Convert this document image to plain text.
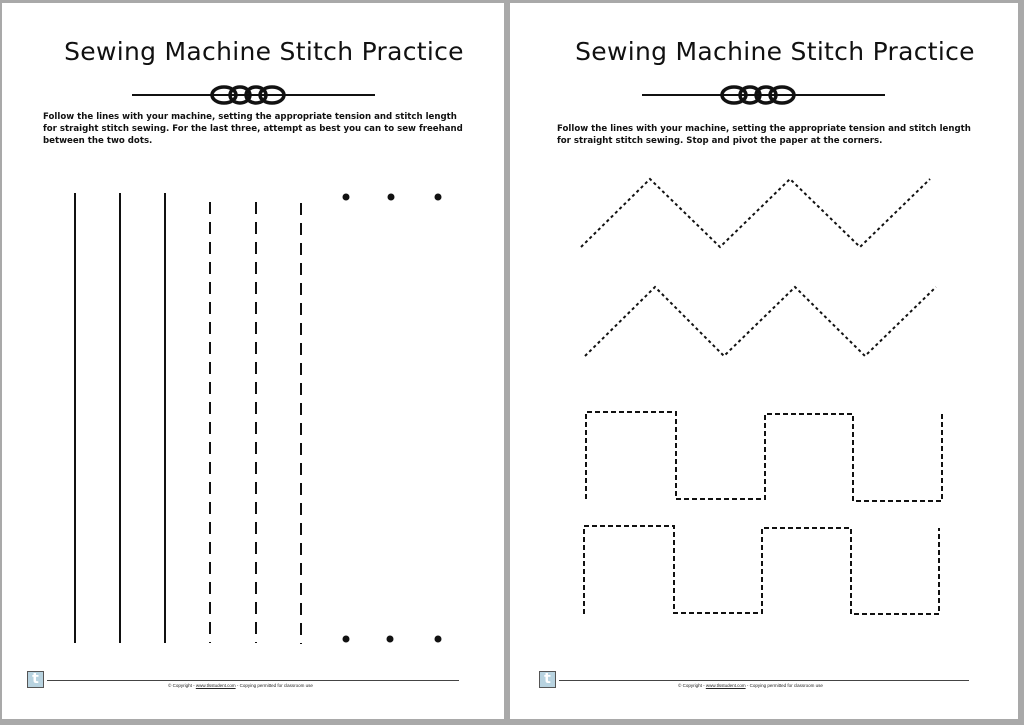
Sewing Machine Stitch Practice
Follow the lines with your machine, setting the appropriate tension and stitch length for straight stitch sewing. For the last three, attempt as best you can to sew freehand between the two dots.
t	© Copyright - www.tlsstudent.com - Copying permitted for classroom use
Sewing Machine Stitch Practice
Follow the lines with your machine, setting the appropriate tension and stitch length for straight stitch sewing. Stop and pivot the paper at the corners.
t	© Copyright - www.tlsstudent.com - Copying permitted for classroom use
